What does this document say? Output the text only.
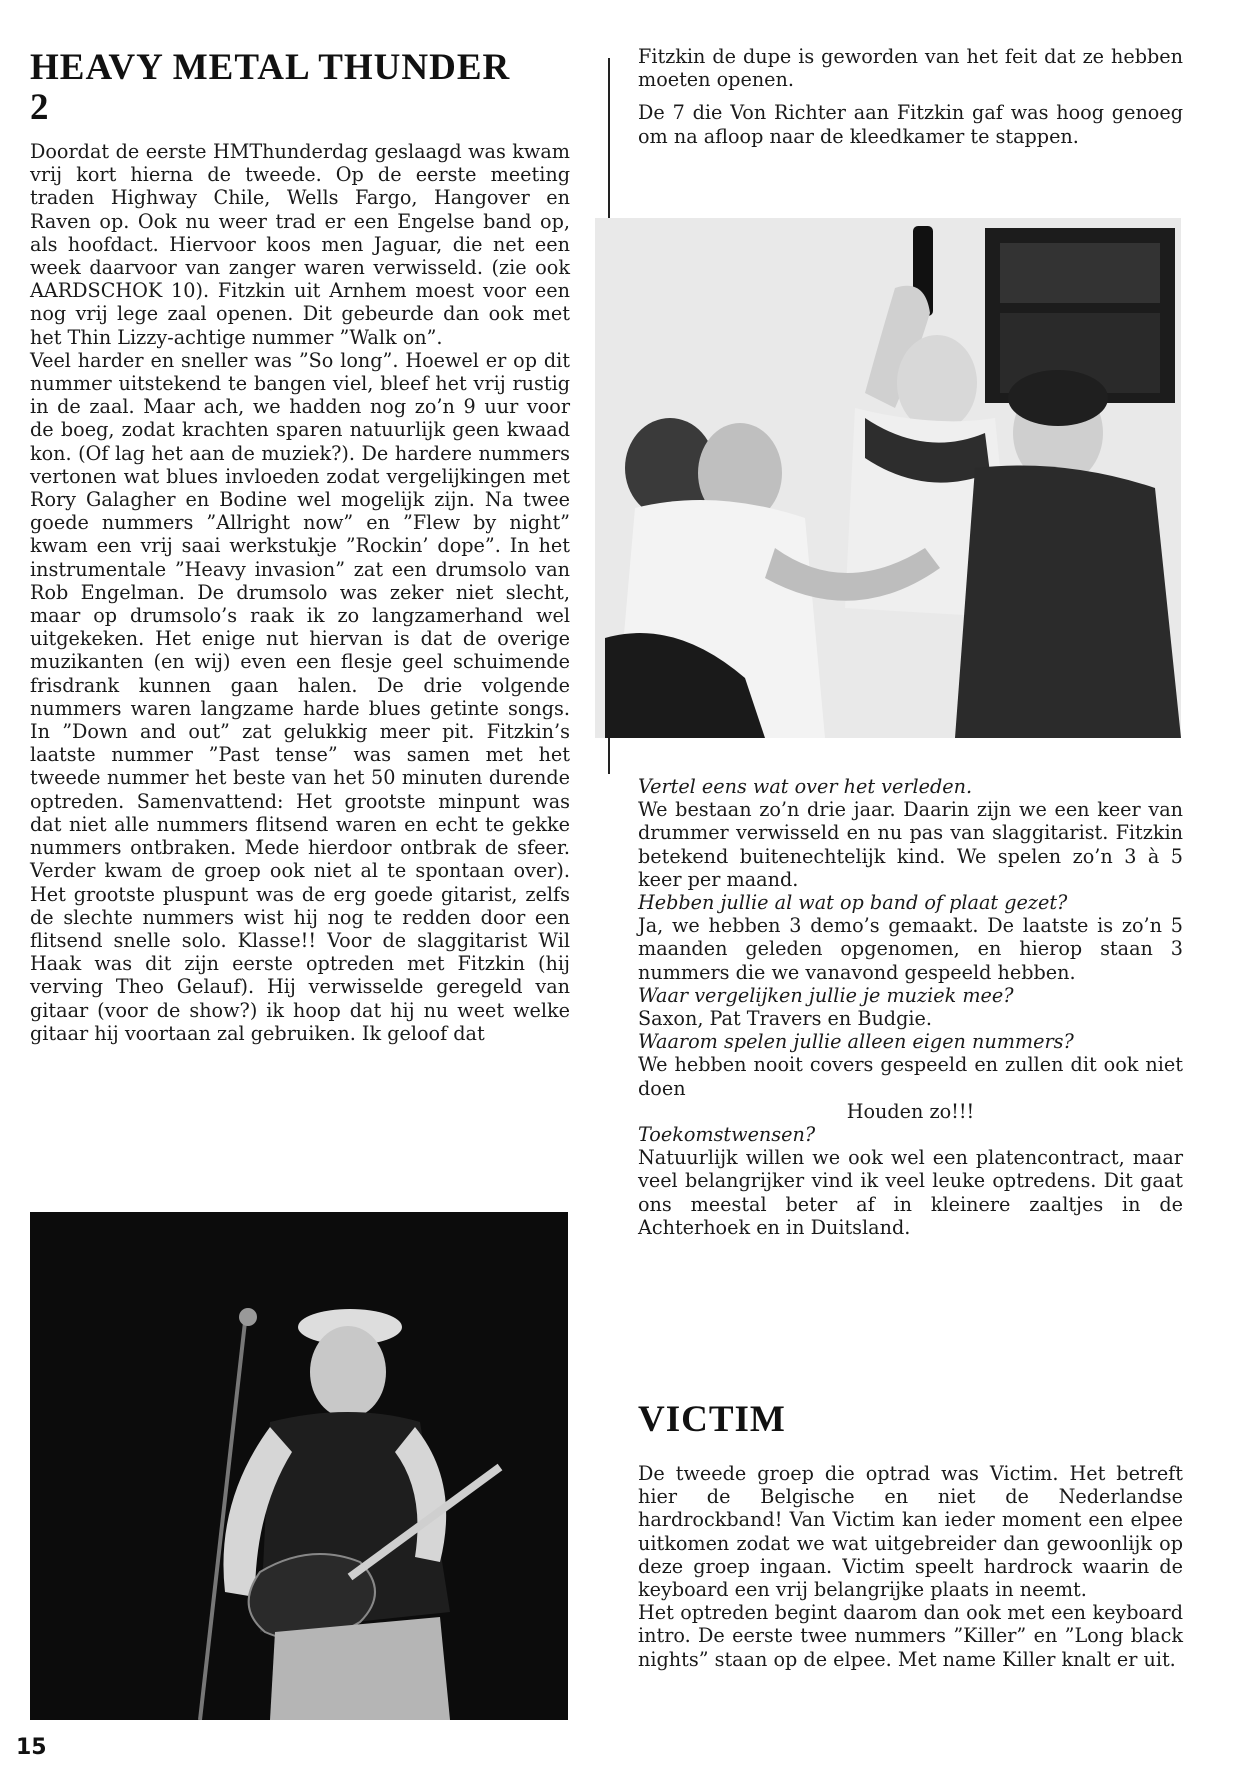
HEAVY METAL THUNDER
2

Doordat de eerste HMThunderdag geslaagd was kwam vrij kort hierna de tweede. Op de eerste meeting traden Highway Chile, Wells Fargo, Hangover en Raven op. Ook nu weer trad er een Engelse band op, als hoofdact. Hiervoor koos men Jaguar, die net een week daarvoor van zanger waren verwisseld. (zie ook AARDSCHOK 10). Fitzkin uit Arnhem moest voor een nog vrij lege zaal openen. Dit gebeurde dan ook met het Thin Lizzy-achtige nummer ”Walk on”.

Veel harder en sneller was ”So long”. Hoewel er op dit nummer uitstekend te bangen viel, bleef het vrij rustig in de zaal. Maar ach, we hadden nog zo’n 9 uur voor de boeg, zodat krachten sparen natuurlijk geen kwaad kon. (Of lag het aan de muziek?). De hardere nummers vertonen wat blues invloeden zodat vergelijkingen met Rory Galagher en Bodine wel mogelijk zijn. Na twee goede nummers ”Allright now” en ”Flew by night” kwam een vrij saai werkstukje ”Rockin’ dope”. In het instrumentale ”Heavy invasion” zat een drumsolo van Rob Engelman. De drumsolo was zeker niet slecht, maar op drumsolo’s raak ik zo langzamerhand wel uitgekeken. Het enige nut hiervan is dat de overige muzikanten (en wij) even een flesje geel schuimende frisdrank kunnen gaan halen. De drie volgende nummers waren langzame harde blues getinte songs. In ”Down and out” zat gelukkig meer pit. Fitzkin’s laatste nummer ”Past tense” was samen met het tweede nummer het beste van het 50 minuten durende optreden. Samenvattend: Het grootste minpunt was dat niet alle nummers flitsend waren en echt te gekke nummers ontbraken. Mede hierdoor ontbrak de sfeer. Verder kwam de groep ook niet al te spontaan over). Het grootste pluspunt was de erg goede gitarist, zelfs de slechte nummers wist hij nog te redden door een flitsend snelle solo. Klasse!! Voor de slaggitarist Wil Haak was dit zijn eerste optreden met Fitzkin (hij verving Theo Gelauf). Hij verwisselde geregeld van gitaar (voor de show?) ik hoop dat hij nu weet welke gitaar hij voortaan zal gebruiken. Ik geloof dat

15

Fitzkin de dupe is geworden van het feit dat ze hebben moeten openen.

De 7 die Von Richter aan Fitzkin gaf was hoog genoeg om na afloop naar de kleedkamer te stappen.

Vertel eens wat over het verleden.

We bestaan zo’n drie jaar. Daarin zijn we een keer van drummer verwisseld en nu pas van slaggitarist. Fitzkin betekend buitenechtelijk kind. We spelen zo’n 3 à 5 keer per maand.

Hebben jullie al wat op band of plaat gezet?

Ja, we hebben 3 demo’s gemaakt. De laatste is zo’n 5 maanden geleden opgenomen, en hierop staan 3 nummers die we vanavond gespeeld hebben.

Waar vergelijken jullie je muziek mee?

Saxon, Pat Travers en Budgie.

Waarom spelen jullie alleen eigen nummers?

We hebben nooit covers gespeeld en zullen dit ook niet doen

Houden zo!!!

Toekomstwensen?

Natuurlijk willen we ook wel een platencontract, maar veel belangrijker vind ik veel leuke optredens. Dit gaat ons meestal beter af in kleinere zaaltjes in de Achterhoek en in Duitsland.

VICTIM

De tweede groep die optrad was Victim. Het betreft hier de Belgische en niet de Nederlandse hardrockband! Van Victim kan ieder moment een elpee uitkomen zodat we wat uitgebreider dan gewoonlijk op deze groep ingaan. Victim speelt hardrock waarin de keyboard een vrij belangrijke plaats in neemt.

Het optreden begint daarom dan ook met een keyboard intro. De eerste twee nummers ”Killer” en ”Long black nights” staan op de elpee. Met name Killer knalt er uit.
